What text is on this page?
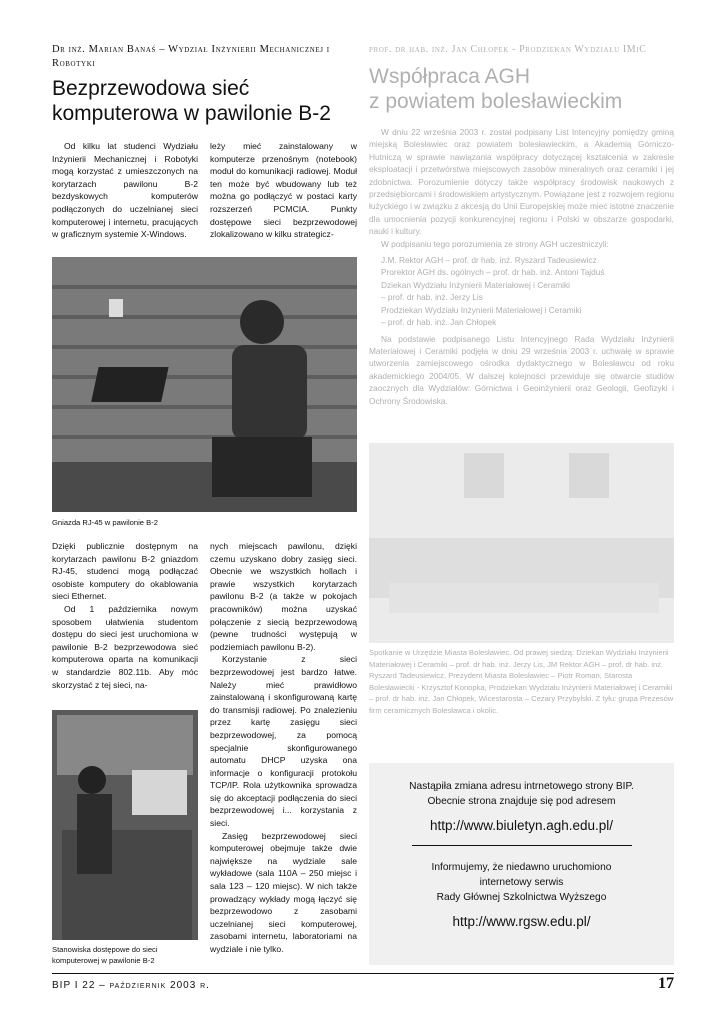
Dr inż. Marian Banaś – Wydział Inżynierii Mechanicznej i Robotyki
Bezprzewodowa sieć
komputerowa w pawilonie B-2

Od kilku lat studenci Wydziału Inżynierii Mechanicznej i Robotyki mogą korzystać z umieszczonych na korytarzach pawilonu B-2 bezdyskowych komputerów podłączonych do uczelnianej sieci komputerowej i internetu, pracujących w graficznym systemie X-Windows.

leży mieć zainstalowany w komputerze przenośnym (notebook) moduł do komunikacji radiowej. Moduł ten może być wbudowany lub też można go podłączyć w postaci karty rozszerzeń PCMCIA. Punkty dostępowe sieci bezprzewodowej zlokalizowano w kilku strategicz-

Gniazda RJ-45 w pawilonie B-2

Dzięki publicznie dostępnym na korytarzach pawilonu B-2 gniazdom RJ-45, studenci mogą podłączać osobiste komputery do okablowania sieci Ethernet.

Od 1 października nowym sposobem ułatwienia studentom dostępu do sieci jest uruchomiona w pawilonie B-2 bezprzewodowa sieć komputerowa oparta na komunikacji w standardzie 802.11b. Aby móc skorzystać z tej sieci, na-

Stanowiska dostępowe do sieci komputerowej w pawilonie B-2

nych miejscach pawilonu, dzięki czemu uzyskano dobry zasięg sieci. Obecnie we wszystkich hollach i prawie wszystkich korytarzach pawilonu B-2 (a także w pokojach pracowników) można uzyskać połączenie z siecią bezprzewodową (pewne trudności występują w podziemiach pawilonu B-2).

Korzystanie z sieci bezprzewodowej jest bardzo łatwe. Należy mieć prawidłowo zainstalowaną i skonfigurowaną kartę do transmisji radiowej. Po znalezieniu przez kartę zasięgu sieci bezprzewodowej, za pomocą specjalnie skonfigurowanego automatu DHCP uzyska ona informacje o konfiguracji protokołu TCP/IP. Rola użytkownika sprowadza się do akceptacji podłączenia do sieci bezprzewodowej i... korzystania z sieci.

Zasięg bezprzewodowej sieci komputerowej obejmuje także dwie największe na wydziale sale wykładowe (sala 110A – 250 miejsc i sala 123 – 120 miejsc). W nich także prowadzący wykłady mogą łączyć się bezprzewodowo z zasobami uczelnianej sieci komputerowej, zasobami internetu, laboratoriami na wydziale i nie tylko.

prof. dr hab. inż. Jan Chłopek - Prodziekan Wydziału IMiC
Współpraca AGH
z powiatem bolesławieckim

W dniu 22 września 2003 r. został podpisany List Intencyjny pomiędzy gminą miejską Bolesławiec oraz powiatem bolesławieckim, a Akademią Górniczo-Hutniczą w sprawie nawiązania współpracy dotyczącej kształcenia w zakresie eksploatacji i przetwórstwa miejscowych zasobów mineralnych oraz ceramiki i jej zdobnictwa. Porozumienie dotyczy także współpracy środowisk naukowych z przedsiębiorcami i środowiskiem artystycznym. Powiązane jest z rozwojem regionu łużyckiego i w związku z akcesją do Unii Europejskiej może mieć istotne znaczenie dla umocnienia pozycji konkurencyjnej regionu i Polski w obszarze gospodarki, nauki i kultury.

W podpisaniu tego porozumienia ze strony AGH uczestniczyli:

J.M. Rektor AGH – prof. dr hab. inż. Ryszard Tadeusiewicz
Prorektor AGH ds. ogólnych – prof. dr hab. inż. Antoni Tajduś
Dziekan Wydziału Inżynierii Materiałowej i Ceramiki
– prof. dr hab. inż. Jerzy Lis
Prodziekan Wydziału Inżynierii Materiałowej i Ceramiki
– prof. dr hab. inż. Jan Chłopek

Na podstawie podpisanego Listu Intencyjnego Rada Wydziału Inżynierii Materiałowej i Ceramiki podjęła w dniu 29 września 2003 r. uchwałę w sprawie utworzenia zamiejscowego ośrodka dydaktycznego w Bolesławcu od roku akademickiego 2004/05. W dalszej kolejności przewiduje się otwarcie studiów zaocznych dla Wydziałów: Górnictwa i Geoinżynierii oraz Geologii, Geofizyki i Ochrony Środowiska.

Spotkanie w Urzędzie Miasta Bolesławiec. Od prawej siedzą: Dziekan Wydziału Inżynierii Materiałowej i Ceramiki – prof. dr hab. inż. Jerzy Lis, JM Rektor AGH – prof. dr hab. inż. Ryszard Tadeusiewicz, Prezydent Miasta Bolesławiec – Piotr Roman, Starosta Bolesławiecki - Krzysztof Konopka, Prodziekan Wydziału Inżynierii Materiałowej i Ceramiki – prof. dr hab. inż. Jan Chłopek, Wicestarosta – Cezary Przybylski. Z tyłu: grupa Prezesów firm ceramicznych Bolesławca i okolic.
Nastąpiła zmiana adresu intrnetowego strony BIP.
Obecnie strona znajduje się pod adresem
http://www.biuletyn.agh.edu.pl/
Informujemy, że niedawno uruchomiono
internetowy serwis
Rady Głównej Szkolnictwa Wyższego
http://www.rgsw.edu.pl/
BIP I 22 – październik 2003 r.	17
